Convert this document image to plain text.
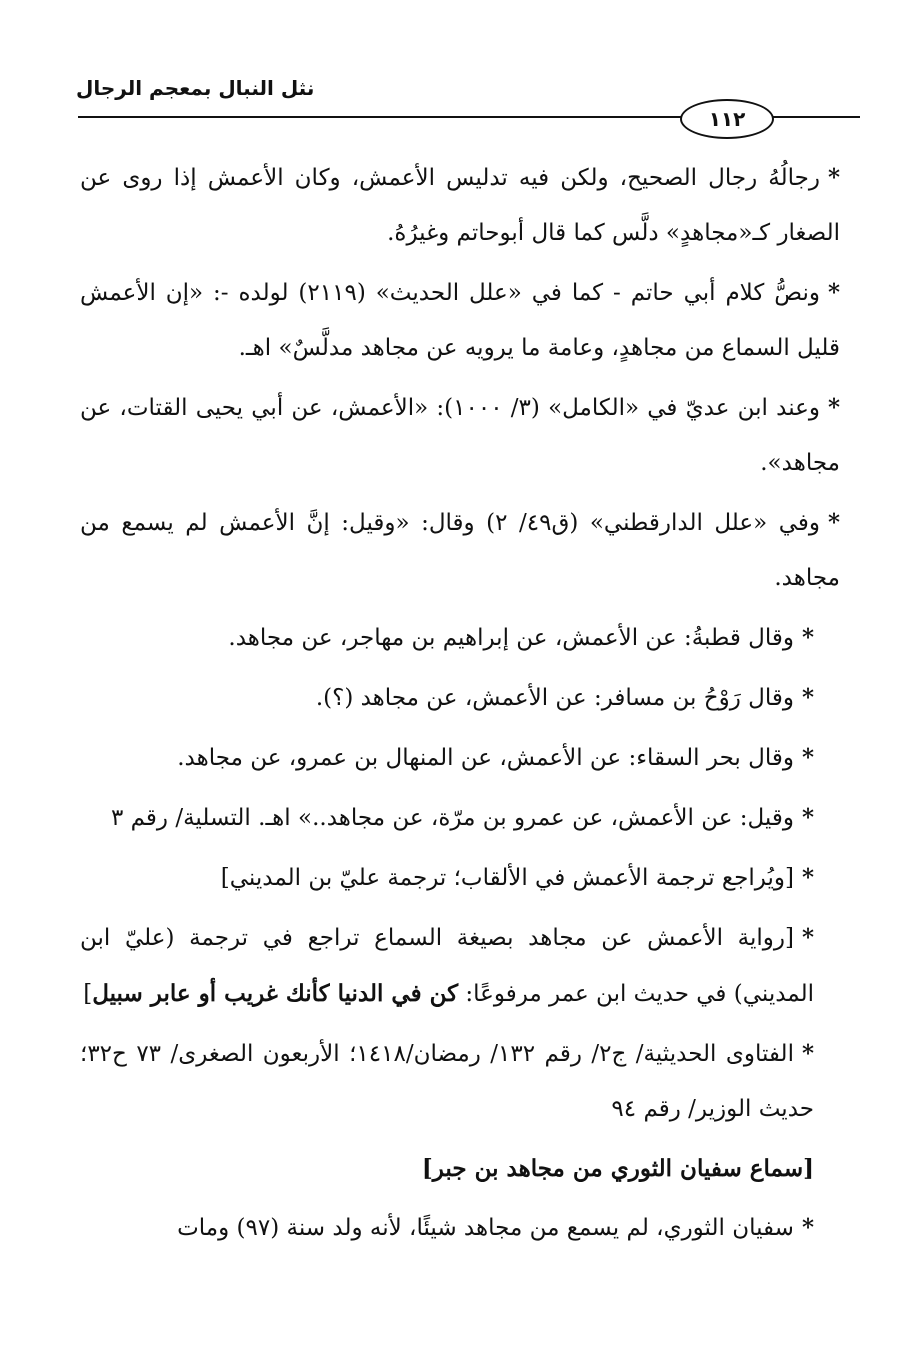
نثل النبال بمعجم الرجال
١١٢

*رجالُهُ رجال الصحيح، ولكن فيه تدليس الأعمش، وكان الأعمش إذا روى عن الصغار كـ«مجاهدٍ» دلَّس كما قال أبوحاتم وغيرُهُ.

*ونصُّ كلام أبي حاتم - كما في «علل الحديث» (٢١١٩) لولده -: «إن الأعمش قليل السماع من مجاهدٍ، وعامة ما يرويه عن مجاهد مدلَّسٌ» اهـ.

*وعند ابن عديّ في «الكامل» (٣/ ١٠٠٠): «الأعمش، عن أبي يحيى القتات، عن مجاهد».

*وفي «علل الدارقطني» (ق٤٩/ ٢) وقال: «وقيل: إنَّ الأعمش لم يسمع من مجاهد.

*وقال قطبةُ: عن الأعمش، عن إبراهيم بن مهاجر، عن مجاهد.

*وقال رَوْحُ بن مسافر: عن الأعمش، عن مجاهد (؟).

*وقال بحر السقاء: عن الأعمش، عن المنهال بن عمرو، عن مجاهد.

*وقيل: عن الأعمش، عن عمرو بن مرّة، عن مجاهد..» اهـ. التسلية/ رقم ٣

*[ويُراجع ترجمة الأعمش في الألقاب؛ ترجمة عليّ بن المديني]

*[رواية الأعمش عن مجاهد بصيغة السماع تراجع في ترجمة (عليّ ابن المديني) في حديث ابن عمر مرفوعًا: كن في الدنيا كأنك غريب أو عابر سبيل]

*الفتاوى الحديثية/ ج٢/ رقم ١٣٢/ رمضان/١٤١٨؛ الأربعون الصغرى/ ٧٣ ح٣٢؛ حديث الوزير/ رقم ٩٤

[سماع سفيان الثوري من مجاهد بن جبر]

*سفيان الثوري، لم يسمع من مجاهد شيئًا، لأنه ولد سنة (٩٧) ومات
